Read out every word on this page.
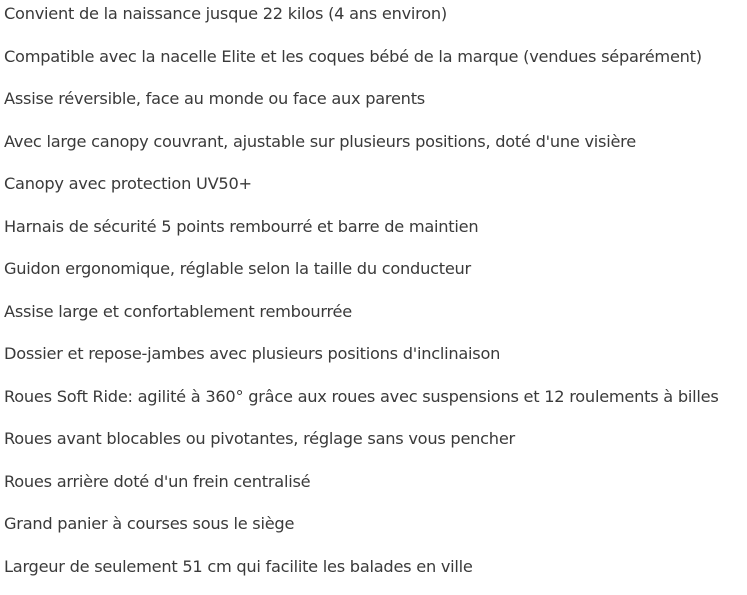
Convient de la naissance jusque 22 kilos (4 ans environ)
Compatible avec la nacelle Elite et les coques bébé de la marque (vendues séparément)
Assise réversible, face au monde ou face aux parents
Avec large canopy couvrant, ajustable sur plusieurs positions, doté d'une visière
Canopy avec protection UV50+
Harnais de sécurité 5 points rembourré et barre de maintien
Guidon ergonomique, réglable selon la taille du conducteur
Assise large et confortablement rembourrée
Dossier et repose-jambes avec plusieurs positions d'inclinaison
Roues Soft Ride: agilité à 360° grâce aux roues avec suspensions et 12 roulements à billes
Roues avant blocables ou pivotantes, réglage sans vous pencher
Roues arrière doté d'un frein centralisé
Grand panier à courses sous le siège
Largeur de seulement 51 cm qui facilite les balades en ville
